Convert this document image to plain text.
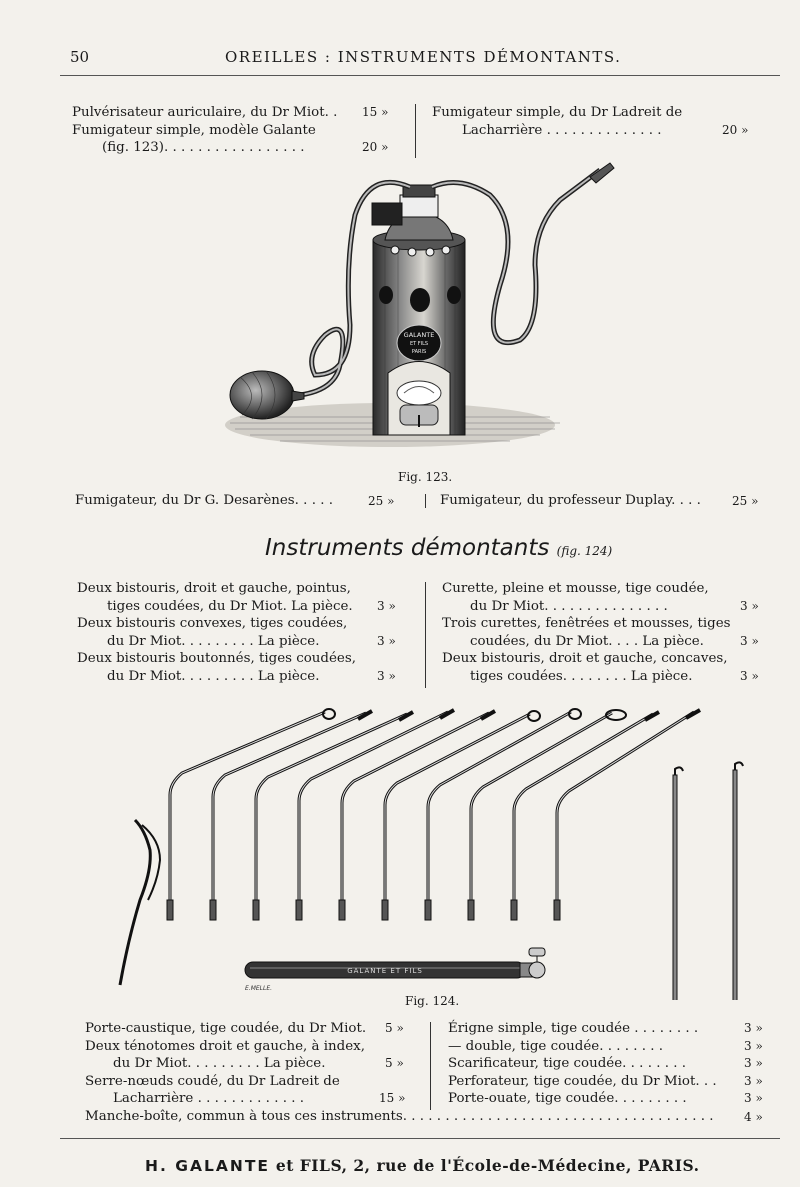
50	OREILLES : INSTRUMENTS DÉMONTANTS.
Pulvérisateur auriculaire, du Dr Miot. . 15 »
Fumigateur simple, modèle Galante
(fig. 123). . . . . . . . . . . . . . . . .	20 »
Fumigateur simple, du Dr Ladreit de
Lacharrière . . . . . . . . . . . . . .	20 »
GALANTE
ET FILS
PARIS
Fig. 123.
Fumigateur, du Dr G. Desarènes. . . . .	25 »	Fumigateur, du professeur Duplay. . . .	25 »
Instruments démontants (fig. 124)
Deux bistouris, droit et gauche, pointus,
tiges coudées, du Dr Miot. La pièce. 3 »
Deux bistouris convexes, tiges coudées,
du Dr Miot. . . . . . . . . La pièce.	3 »
Deux bistouris boutonnés, tiges coudées,
du Dr Miot. . . . . . . . . La pièce.	3 »
Curette, pleine et mousse, tige coudée,
du Dr Miot. . . . . . . . . . . . . . .	3 »
Trois curettes, fenêtrées et mousses, tiges
coudées, du Dr Miot. . . . La pièce.	3 »
Deux bistouris, droit et gauche, concaves,
tiges coudées. . . . . . . . La pièce.	3 »
GALANTE ET FILS
E.MELLE.
Fig. 124.
Porte-caustique, tige coudée, du Dr Miot. 5 »
Deux ténotomes droit et gauche, à index,
du Dr Miot. . . . . . . . . La pièce.	5 »
Serre-nœuds coudé, du Dr Ladreit de
Lacharrière . . . . . . . . . . . . .	15 »
Érigne simple, tige coudée . . . . . . . .	3 »
— double, tige coudée. . . . . . . .	3 »
Scarificateur, tige coudée. . . . . . . .	3 »
Perforateur, tige coudée, du Dr Miot. . . 3 »
Porte-ouate, tige coudée. . . . . . . . .	3 »
Manche-boîte, commun à tous ces instruments. . . . . . . . . . . . . . . . . . . . . . . . . . . . . . . . . . . . .	4 »
H. GALANTE et FILS, 2, rue de l'École-de-Médecine, PARIS.
